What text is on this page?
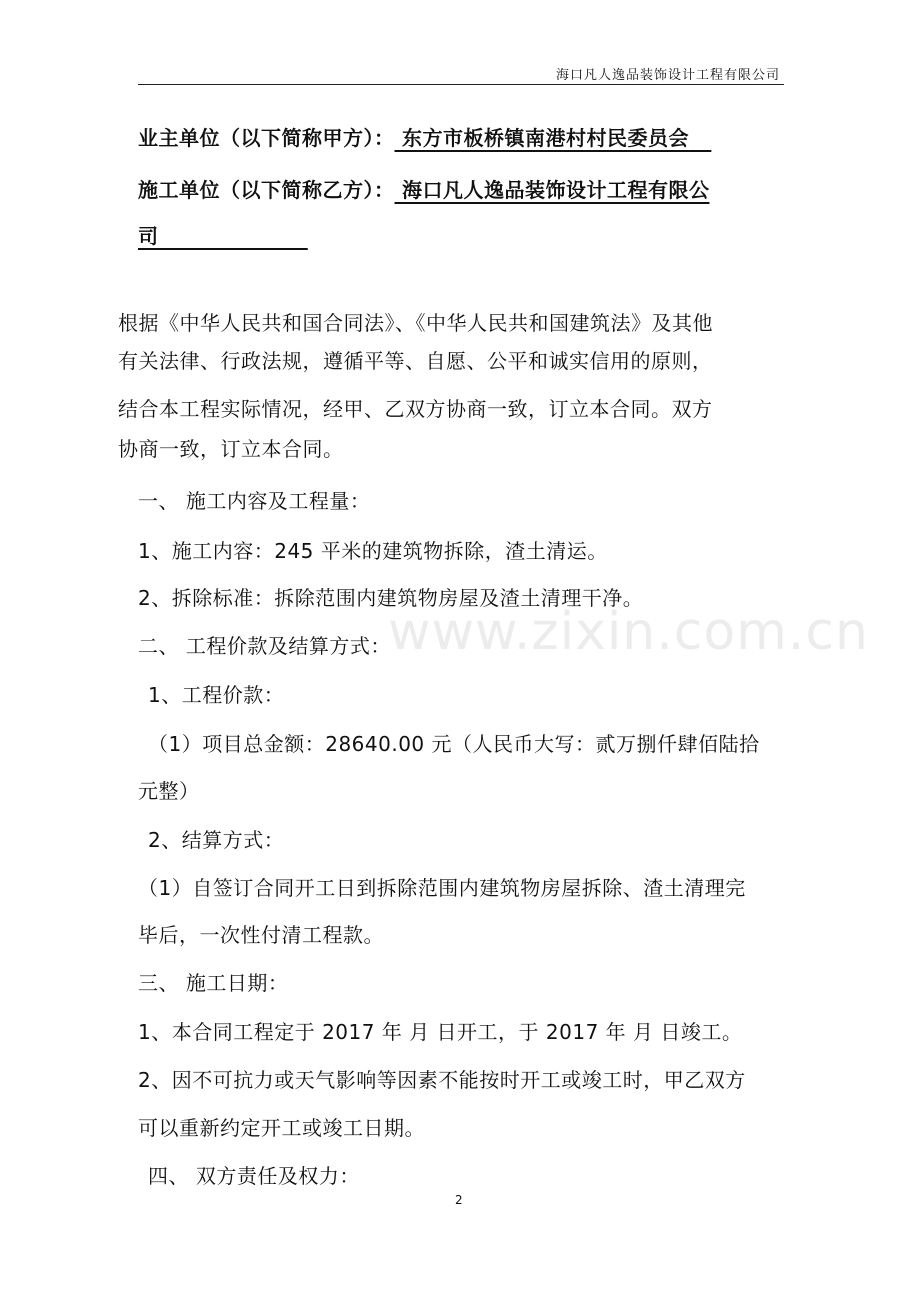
海口凡人逸品装饰设计工程有限公司
业主单位（以下简称甲方）： 东方市板桥镇南港村村民委员会
施工单位（以下简称乙方）： 海口凡人逸品装饰设计工程有限公
司
根据《中华人民共和国合同法》、《中华人民共和国建筑法》及其他
有关法律、行政法规，遵循平等、自愿、公平和诚实信用的原则，
结合本工程实际情况，经甲、乙双方协商一致，订立本合同。双方
协商一致，订立本合同。
一、 施工内容及工程量：
1、施工内容：245 平米的建筑物拆除，渣土清运。
2、拆除标准：拆除范围内建筑物房屋及渣土清理干净。
www.zixin.com.cn
二、 工程价款及结算方式：
1、工程价款：
（1）项目总金额：28640.00 元（人民币大写：贰万捌仟肆佰陆拾
元整）
2、结算方式：
（1）自签订合同开工日到拆除范围内建筑物房屋拆除、渣土清理完
毕后，一次性付清工程款。
三、 施工日期：
1、本合同工程定于 2017 年 月 日开工，于 2017 年 月 日竣工。
2、因不可抗力或天气影响等因素不能按时开工或竣工时，甲乙双方
可以重新约定开工或竣工日期。
四、 双方责任及权力：
2
